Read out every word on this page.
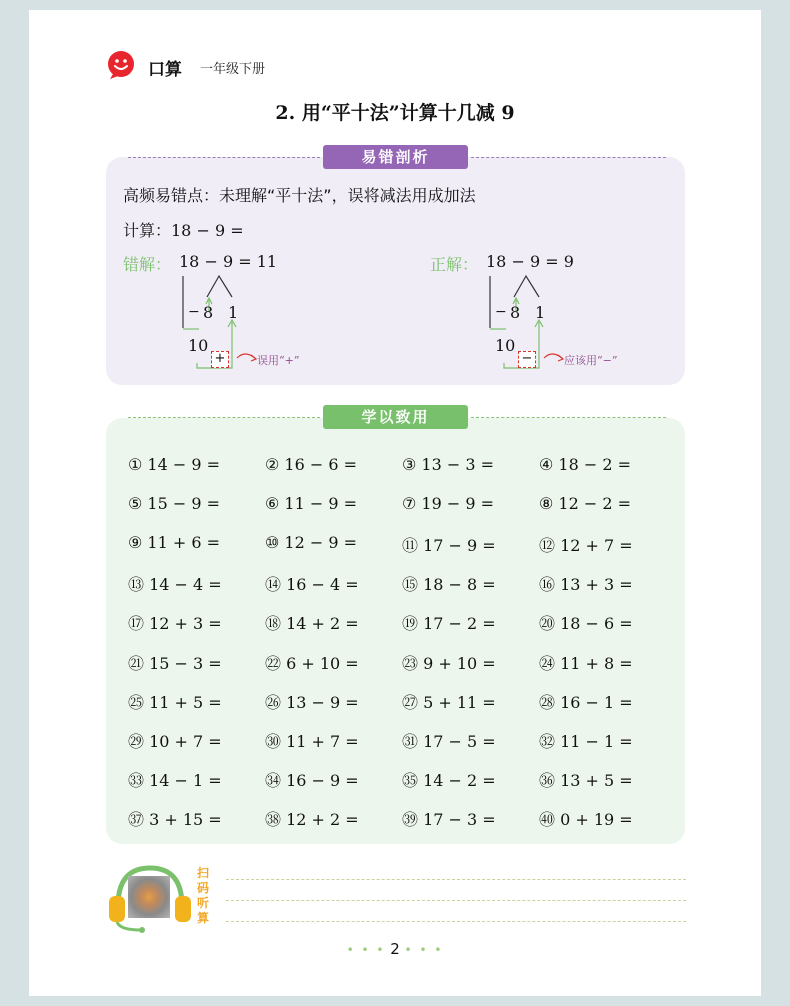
口算 一年级下册
2. 用“平十法”计算十几减 9
易错剖析
高频易错点：未理解“平十法”，误将减法用成加法
计算：18 − 9 =
错解： 18 − 9 = 11
− 8 1
10
+	误用“+”
正解： 18 − 9 = 9
− 8 1
10
−	应该用“−”
学以致用
① 14 − 9 =	② 16 − 6 =	③ 13 − 3 =	④ 18 − 2 =
⑤ 15 − 9 =	⑥ 11 − 9 =	⑦ 19 − 9 =	⑧ 12 − 2 =
⑨ 11 + 6 =	⑩ 12 − 9 =	⑪ 17 − 9 =	⑫ 12 + 7 =
⑬ 14 − 4 =	⑭ 16 − 4 =	⑮ 18 − 8 =	⑯ 13 + 3 =
⑰ 12 + 3 =	⑱ 14 + 2 =	⑲ 17 − 2 =	⑳ 18 − 6 =
㉑ 15 − 3 =	㉒ 6 + 10 =	㉓ 9 + 10 =	㉔ 11 + 8 =
㉕ 11 + 5 =	㉖ 13 − 9 =	㉗ 5 + 11 =	㉘ 16 − 1 =
㉙ 10 + 7 =	㉚ 11 + 7 =	㉛ 17 − 5 =	㉜ 11 − 1 =
㉝ 14 − 1 =	㉞ 16 − 9 =	㉟ 14 − 2 =	㊱ 13 + 5 =
㊲ 3 + 15 =	㊳ 12 + 2 =	㊴ 17 − 3 =	㊵ 0 + 19 =
扫
码
听
算
• • • 2 • • •
